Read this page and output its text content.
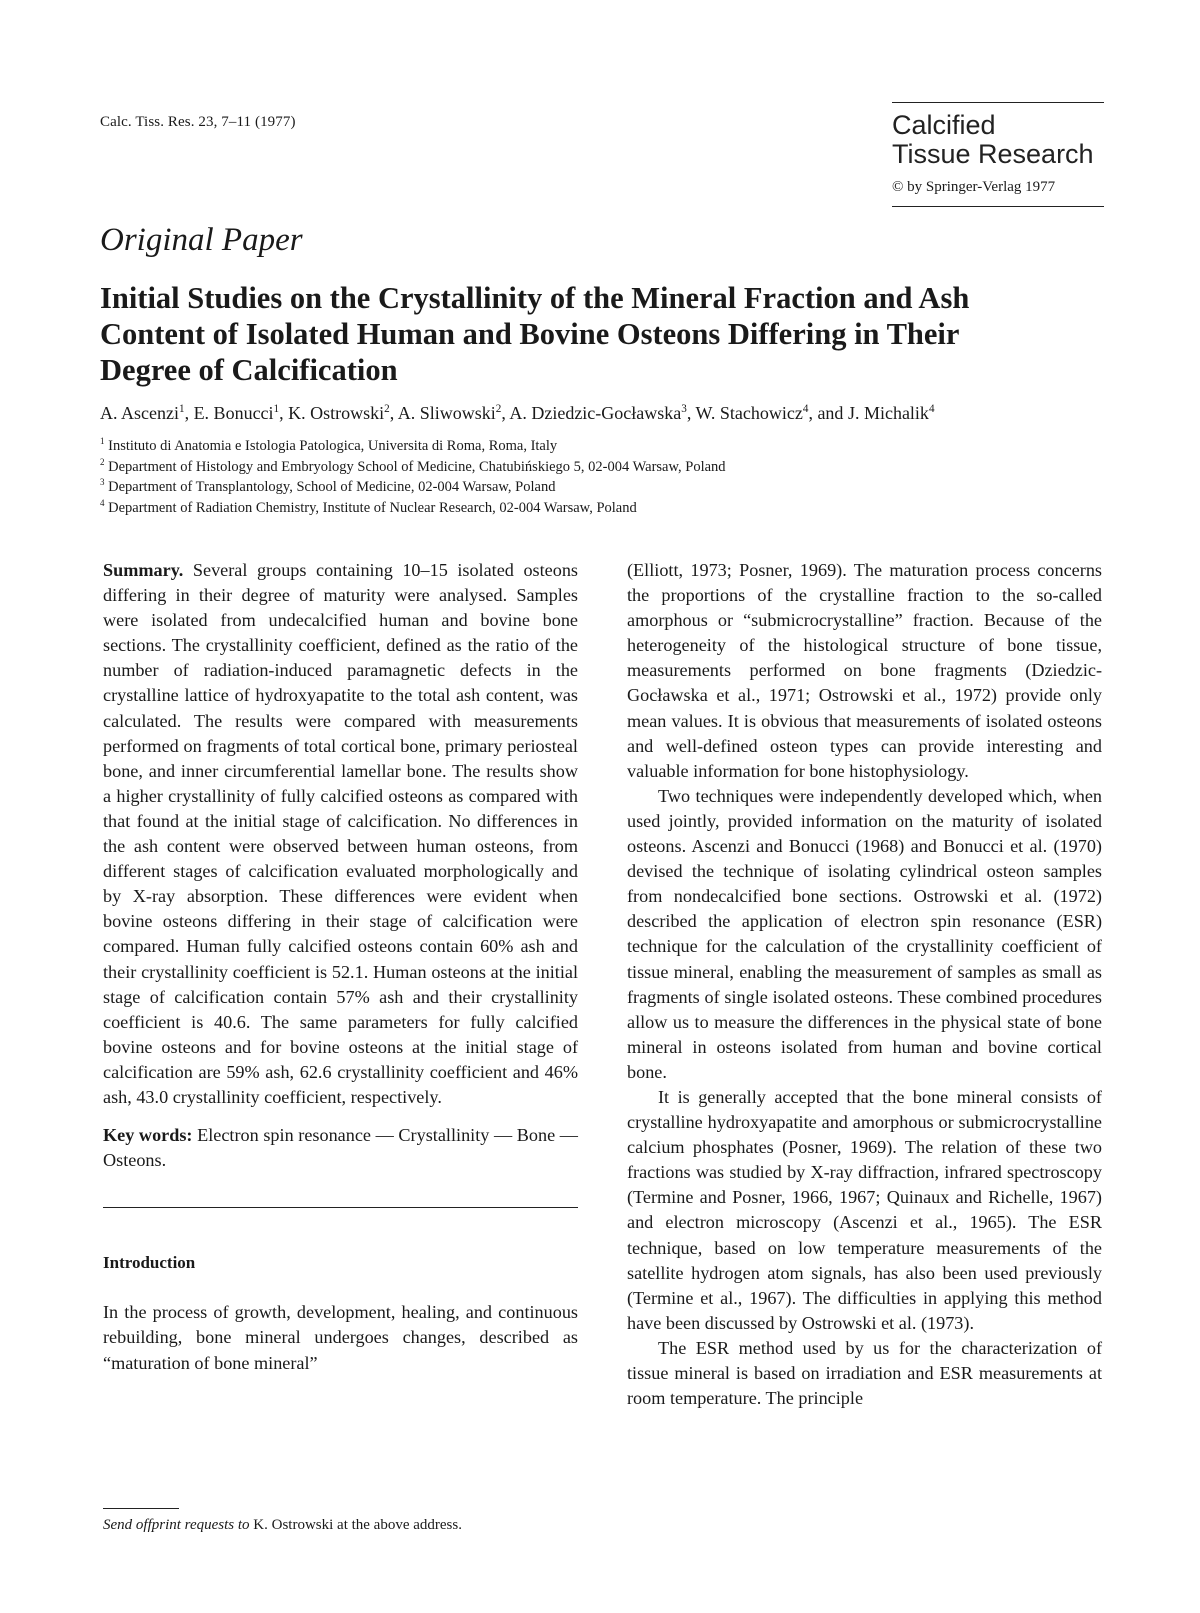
Calc. Tiss. Res. 23, 7–11 (1977)	Calcified
Tissue Research
© by Springer-Verlag 1977
Original Paper
Initial Studies on the Crystallinity of the Mineral Fraction and Ash
Content of Isolated Human and Bovine Osteons Differing in Their
Degree of Calcification
A. Ascenzi$^1$, E. Bonucci$^1$, K. Ostrowski$^2$, A. Sliwowski$^2$, A. Dziedzic-Gocławska$^3$, W. Stachowicz$^4$, and J. Michalik$^4$
$^1$ Instituto di Anatomia e Istologia Patologica, Universita di Roma, Roma, Italy
$^2$ Department of Histology and Embryology School of Medicine, Chatubińskiego 5, 02-004 Warsaw, Poland
$^3$ Department of Transplantology, School of Medicine, 02-004 Warsaw, Poland
$^4$ Department of Radiation Chemistry, Institute of Nuclear Research, 02-004 Warsaw, Poland

Summary. Several groups containing 10–15 isolated osteons differing in their degree of maturity were analysed. Samples were isolated from undecalcified human and bovine bone sections. The crystallinity coefficient, defined as the ratio of the number of radiation-induced paramagnetic defects in the crystalline lattice of hydroxyapatite to the total ash content, was calculated. The results were compared with measurements performed on fragments of total cortical bone, primary periosteal bone, and inner circumferential lamellar bone. The results show a higher crystallinity of fully calcified osteons as compared with that found at the initial stage of calcification. No differences in the ash content were observed between human osteons, from different stages of calcification evaluated morphologically and by X-ray absorption. These differences were evident when bovine osteons differing in their stage of calcification were compared. Human fully calcified osteons contain 60% ash and their crystallinity coefficient is 52.1. Human osteons at the initial stage of calcification contain 57% ash and their crystallinity coefficient is 40.6. The same parameters for fully calcified bovine osteons and for bovine osteons at the initial stage of calcification are 59% ash, 62.6 crystallinity coefficient and 46% ash, 43.0 crystallinity coefficient, respectively.

Key words: Electron spin resonance — Crystallinity — Bone — Osteons.

Introduction

In the process of growth, development, healing, and continuous rebuilding, bone mineral undergoes changes, described as “maturation of bone mineral”

(Elliott, 1973; Posner, 1969). The maturation process concerns the proportions of the crystalline fraction to the so-called amorphous or “submicrocrystalline” fraction. Because of the heterogeneity of the histological structure of bone tissue, measurements performed on bone fragments (Dziedzic-Gocławska et al., 1971; Ostrowski et al., 1972) provide only mean values. It is obvious that measurements of isolated osteons and well-defined osteon types can provide interesting and valuable information for bone histophysiology.

Two techniques were independently developed which, when used jointly, provided information on the maturity of isolated osteons. Ascenzi and Bonucci (1968) and Bonucci et al. (1970) devised the technique of isolating cylindrical osteon samples from nondecalcified bone sections. Ostrowski et al. (1972) described the application of electron spin resonance (ESR) technique for the calculation of the crystallinity coefficient of tissue mineral, enabling the measurement of samples as small as fragments of single isolated osteons. These combined procedures allow us to measure the differences in the physical state of bone mineral in osteons isolated from human and bovine cortical bone.

It is generally accepted that the bone mineral consists of crystalline hydroxyapatite and amorphous or submicrocrystalline calcium phosphates (Posner, 1969). The relation of these two fractions was studied by X-ray diffraction, infrared spectroscopy (Termine and Posner, 1966, 1967; Quinaux and Richelle, 1967) and electron microscopy (Ascenzi et al., 1965). The ESR technique, based on low temperature measurements of the satellite hydrogen atom signals, has also been used previously (Termine et al., 1967). The difficulties in applying this method have been discussed by Ostrowski et al. (1973).

The ESR method used by us for the characterization of tissue mineral is based on irradiation and ESR measurements at room temperature. The principle

Send offprint requests to K. Ostrowski at the above address.
